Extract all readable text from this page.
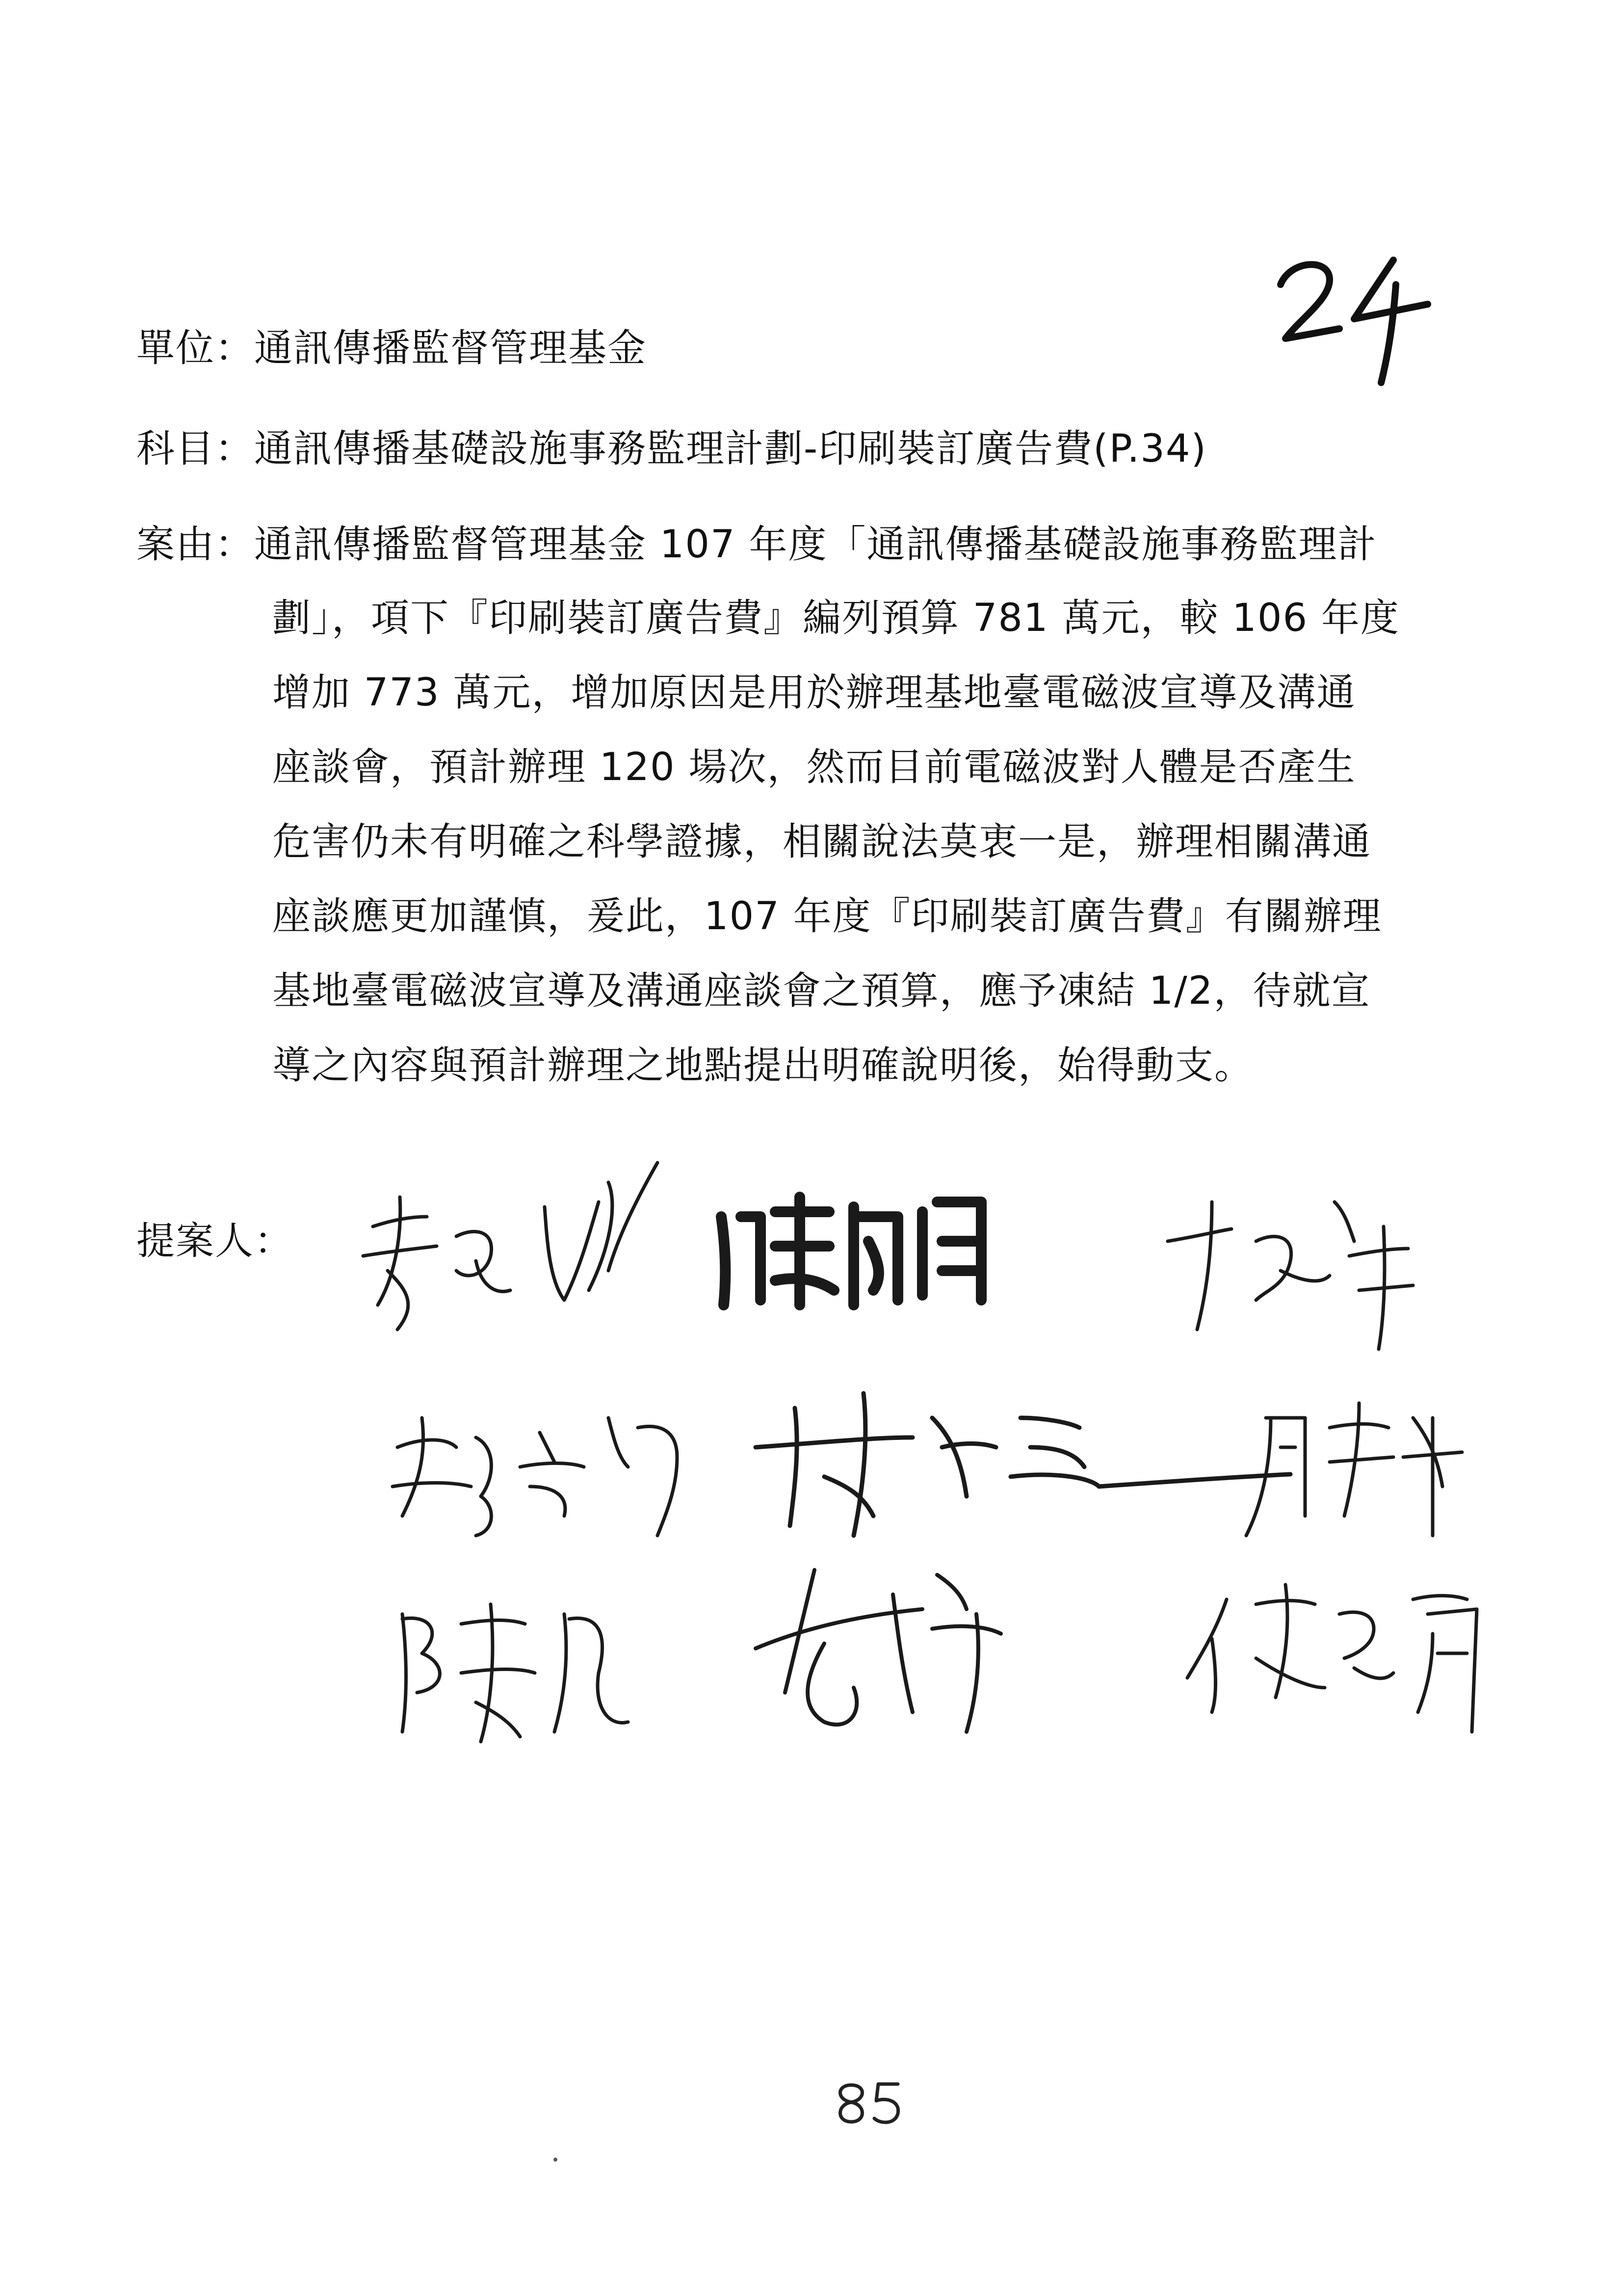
單位：通訊傳播監督管理基金
科目：通訊傳播基礎設施事務監理計劃-印刷裝訂廣告費(P.34)
案由：通訊傳播監督管理基金 107 年度「通訊傳播基礎設施事務監理計
劃」，項下『印刷裝訂廣告費』編列預算 781 萬元，較 106 年度
增加 773 萬元，增加原因是用於辦理基地臺電磁波宣導及溝通
座談會，預計辦理 120 場次，然而目前電磁波對人體是否產生
危害仍未有明確之科學證據，相關說法莫衷一是，辦理相關溝通
座談應更加謹慎，爰此，107 年度『印刷裝訂廣告費』有關辦理
基地臺電磁波宣導及溝通座談會之預算，應予凍結 1/2，待就宣
導之內容與預計辦理之地點提出明確說明後，始得動支。
提案人：
